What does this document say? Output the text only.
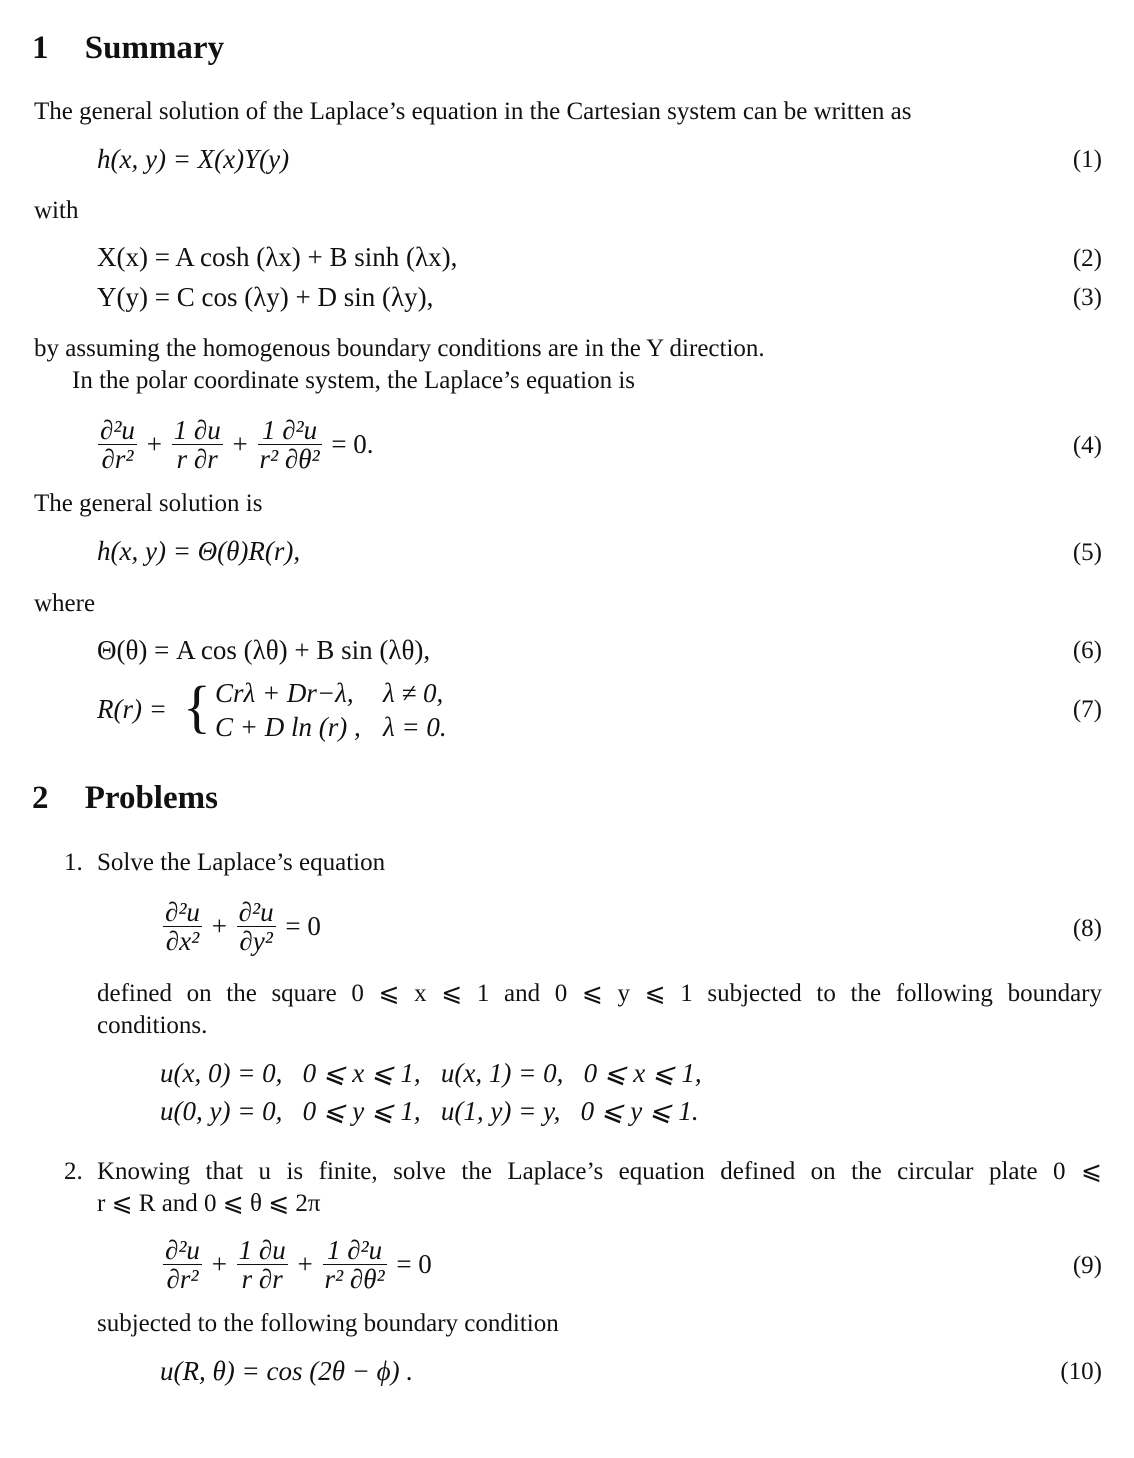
1 Summary
The general solution of the Laplace’s equation in the Cartesian system can be written as
h(x, y) = X(x)Y(y)	(1)
with
X(x) = A cosh (λx) + B sinh (λx),	(2)
Y(y) = C cos (λy) + D sin (λy),	(3)
by assuming the homogenous boundary conditions are in the Y direction.
In the polar coordinate system, the Laplace’s equation is
$\frac{\text{∂²u}}{\text{∂r²}} + \frac{1 \partial u}{r \partial r} + \frac{\text{1 ∂²u}}{\text{r² ∂θ²}} = 0$.	(4)
The general solution is
h(x, y) = Θ(θ)R(r),	(5)
where
Θ(θ) = A cos (λθ) + B sin (λθ),	(6)
R(r) = { Crλ + Dr−λ, λ ≠ 0,
C + D ln (r) , λ = 0.
(7)
2 Problems
1. Solve the Laplace’s equation
$\frac{\text{∂²u}}{\text{∂x²}} + \frac{\text{∂²u}}{\text{∂y²}} = 0$	(8)
defined on the square 0 ⩽ x ⩽ 1 and 0 ⩽ y ⩽ 1 subjected to the following boundary
conditions.
u(x, 0) = 0,   0 ⩽ x ⩽ 1,   u(x, 1) = 0,   0 ⩽ x ⩽ 1,
u(0, y) = 0,   0 ⩽ y ⩽ 1,   u(1, y) = y,   0 ⩽ y ⩽ 1.
2. Knowing that u is finite, solve the Laplace’s equation defined on the circular plate 0 ⩽
r ⩽ R and 0 ⩽ θ ⩽ 2π
$\frac{\text{∂²u}}{\text{∂r²}} + \frac{1 \partial u}{r \partial r} + \frac{\text{1 ∂²u}}{\text{r² ∂θ²}} = 0$	(9)
subjected to the following boundary condition
u(R, θ) = cos (2θ − ϕ) .	(10)
